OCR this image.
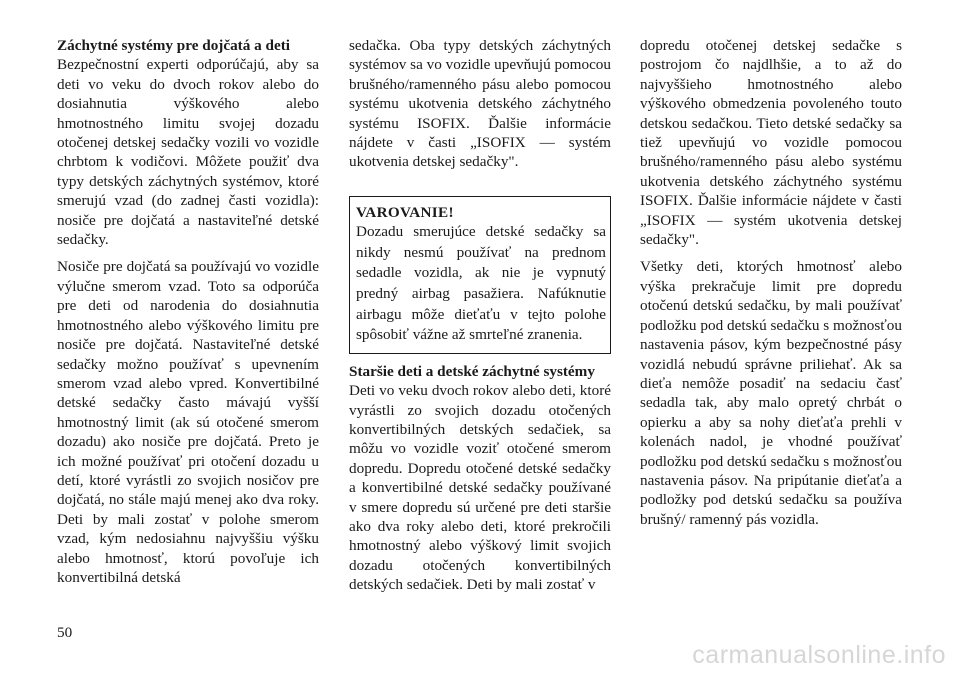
Záchytné systémy pre dojčatá a deti

Bezpečnostní experti odporúčajú, aby sa deti vo veku do dvoch rokov alebo do dosiahnutia výškového alebo hmotnostného limitu svojej dozadu otočenej detskej sedačky vozili vo vozidle chrbtom k vodičovi. Môžete použiť dva typy detských záchytných systémov, ktoré smerujú vzad (do zadnej časti vozidla): nosiče pre dojčatá a nastaviteľné detské sedačky.

Nosiče pre dojčatá sa používajú vo vozidle výlučne smerom vzad. Toto sa odporúča pre deti od narodenia do dosiahnutia hmotnostného alebo výškového limitu pre nosiče pre dojčatá. Nastaviteľné detské sedačky možno používať s upevnením smerom vzad alebo vpred. Konvertibilné detské sedačky často mávajú vyšší hmotnostný limit (ak sú otočené smerom dozadu) ako nosiče pre dojčatá. Preto je ich možné používať pri otočení dozadu u detí, ktoré vyrástli zo svojich nosičov pre dojčatá, no stále majú menej ako dva roky. Deti by mali zostať v polohe smerom vzad, kým nedosiahnu najvyššiu výšku alebo hmotnosť, ktorú povoľuje ich konvertibilná detská

sedačka. Oba typy detských záchytných systémov sa vo vozidle upevňujú pomocou brušného/ramenného pásu alebo pomocou systému ukotvenia detského záchytného systému ISOFIX. Ďalšie informácie nájdete v časti „ISOFIX — systém ukotvenia detskej sedačky".

VAROVANIE!

Dozadu smerujúce detské sedačky sa nikdy nesmú používať na prednom sedadle vozidla, ak nie je vypnutý predný airbag pasažiera. Nafúknutie airbagu môže dieťaťu v tejto polohe spôsobiť vážne až smrteľné zranenia.

Staršie deti a detské záchytné systémy

Deti vo veku dvoch rokov alebo deti, ktoré vyrástli zo svojich dozadu otočených konvertibilných detských sedačiek, sa môžu vo vozidle voziť otočené smerom dopredu. Dopredu otočené detské sedačky a konvertibilné detské sedačky používané v smere dopredu sú určené pre deti staršie ako dva roky alebo deti, ktoré prekročili hmotnostný alebo výškový limit svojich dozadu otočených konvertibilných detských sedačiek. Deti by mali zostať v

dopredu otočenej detskej sedačke s postrojom čo najdlhšie, a to až do najvyššieho hmotnostného alebo výškového obmedzenia povoleného touto detskou sedačkou. Tieto detské sedačky sa tiež upevňujú vo vozidle pomocou brušného/ramenného pásu alebo systému ukotvenia detského záchytného systému ISOFIX. Ďalšie informácie nájdete v časti „ISOFIX — systém ukotvenia detskej sedačky".

Všetky deti, ktorých hmotnosť alebo výška prekračuje limit pre dopredu otočenú detskú sedačku, by mali používať podložku pod detskú sedačku s možnosťou nastavenia pásov, kým bezpečnostné pásy vozidlá nebudú správne priliehať. Ak sa dieťa nemôže posadiť na sedaciu časť sedadla tak, aby malo opretý chrbát o opierku a aby sa nohy dieťaťa prehli v kolenách nadol, je vhodné používať podložku pod detskú sedačku s možnosťou nastavenia pásov. Na pripútanie dieťaťa a podložky pod detskú sedačku sa používa brušný/ ramenný pás vozidla.

50
carmanualsonline.info
